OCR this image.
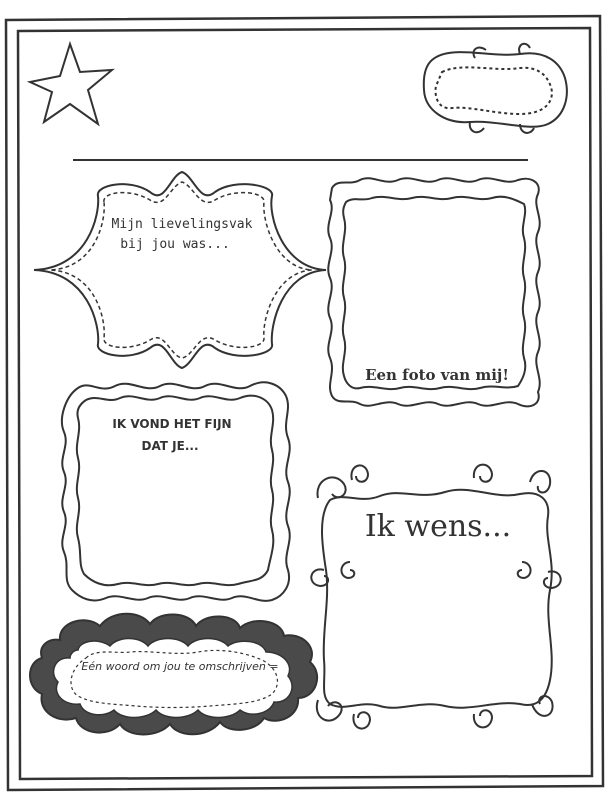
Mijn lievelingsvak
bij jou was...
Een foto van mij!
IK VOND HET FIJN
DAT JE...
Ik wens...
Eén woord om jou te omschrijven =
